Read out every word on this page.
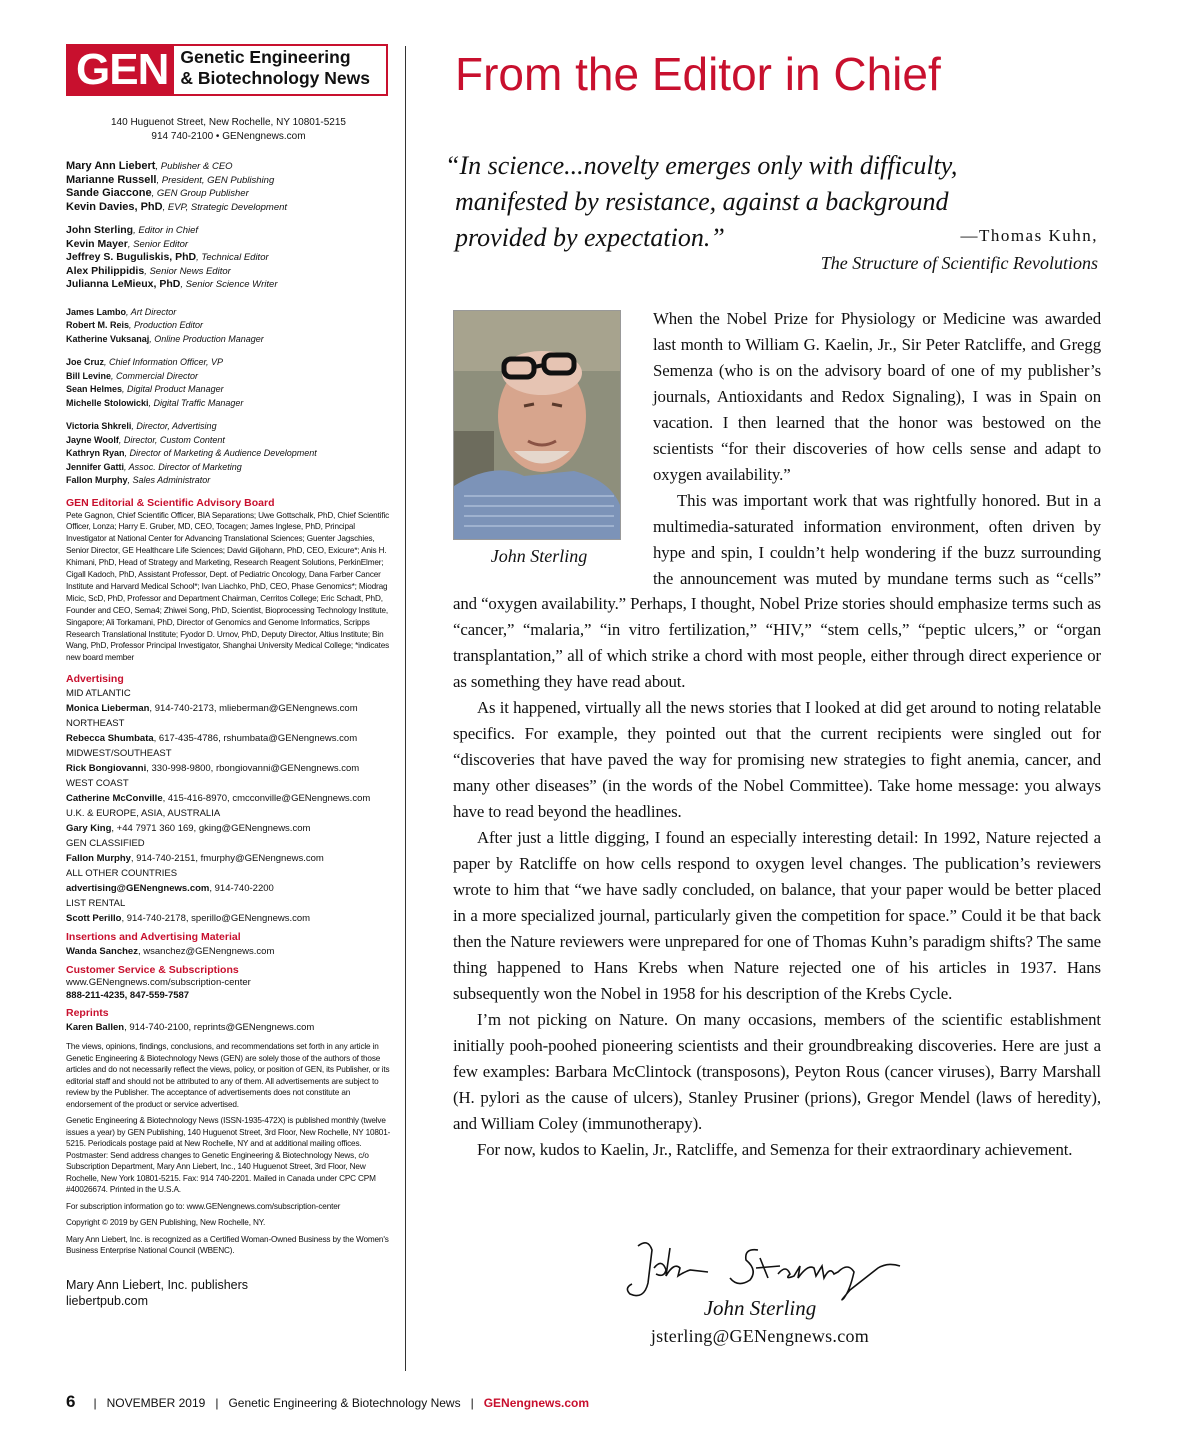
GEN Genetic Engineering
& Biotechnology News
140 Huguenot Street, New Rochelle, NY 10801-5215
914 740-2100 • GENengnews.com
Mary Ann Liebert, Publisher & CEO
Marianne Russell, President, GEN Publishing
Sande Giaccone, GEN Group Publisher
Kevin Davies, PhD, EVP, Strategic Development
John Sterling, Editor in Chief
Kevin Mayer, Senior Editor
Jeffrey S. Buguliskis, PhD, Technical Editor
Alex Philippidis, Senior News Editor
Julianna LeMieux, PhD, Senior Science Writer
James Lambo, Art Director
Robert M. Reis, Production Editor
Katherine Vuksanaj, Online Production Manager
Joe Cruz, Chief Information Officer, VP
Bill Levine, Commercial Director
Sean Helmes, Digital Product Manager
Michelle Stolowicki, Digital Traffic Manager
Victoria Shkreli, Director, Advertising
Jayne Woolf, Director, Custom Content
Kathryn Ryan, Director of Marketing & Audience Development
Jennifer Gatti, Assoc. Director of Marketing
Fallon Murphy, Sales Administrator
GEN Editorial & Scientific Advisory Board
Pete Gagnon, Chief Scientific Officer, BIA Separations; Uwe Gottschalk, PhD, Chief Scientific Officer, Lonza; Harry E. Gruber, MD, CEO, Tocagen; James Inglese, PhD, Principal Investigator at National Center for Advancing Translational Sciences; Guenter Jagschies, Senior Director, GE Healthcare Life Sciences; David Giljohann, PhD, CEO, Exicure*; Anis H. Khimani, PhD, Head of Strategy and Marketing, Research Reagent Solutions, PerkinElmer; Cigall Kadoch, PhD, Assistant Professor, Dept. of Pediatric Oncology, Dana Farber Cancer Institute and Harvard Medical School*; Ivan Liachko, PhD, CEO, Phase Genomics*; Miodrag Micic, ScD, PhD, Professor and Department Chairman, Cerritos College; Eric Schadt, PhD, Founder and CEO, Sema4; Zhiwei Song, PhD, Scientist, Bioprocessing Technology Institute, Singapore; Ali Torkamani, PhD, Director of Genomics and Genome Informatics, Scripps Research Translational Institute; Fyodor D. Urnov, PhD, Deputy Director, Altius Institute; Bin Wang, PhD, Professor Principal Investigator, Shanghai University Medical College; *indicates new board member
Advertising
MID ATLANTIC
Monica Lieberman, 914-740-2173, mlieberman@GENengnews.com
NORTHEAST
Rebecca Shumbata, 617-435-4786, rshumbata@GENengnews.com
MIDWEST/SOUTHEAST
Rick Bongiovanni, 330-998-9800, rbongiovanni@GENengnews.com
WEST COAST
Catherine McConville, 415-416-8970, cmcconville@GENengnews.com
U.K. & EUROPE, ASIA, AUSTRALIA
Gary King, +44 7971 360 169, gking@GENengnews.com
GEN CLASSIFIED
Fallon Murphy, 914-740-2151, fmurphy@GENengnews.com
ALL OTHER COUNTRIES
advertising@GENengnews.com, 914-740-2200
LIST RENTAL
Scott Perillo, 914-740-2178, sperillo@GENengnews.com
Insertions and Advertising Material
Wanda Sanchez, wsanchez@GENengnews.com
Customer Service & Subscriptions
www.GENengnews.com/subscription-center
888-211-4235, 847-559-7587
Reprints
Karen Ballen, 914-740-2100, reprints@GENengnews.com

The views, opinions, findings, conclusions, and recommendations set forth in any article in Genetic Engineering & Biotechnology News (GEN) are solely those of the authors of those articles and do not necessarily reflect the views, policy, or position of GEN, its Publisher, or its editorial staff and should not be attributed to any of them. All advertisements are subject to review by the Publisher. The acceptance of advertisements does not constitute an endorsement of the product or service advertised.

Genetic Engineering & Biotechnology News (ISSN-1935-472X) is published monthly (twelve issues a year) by GEN Publishing, 140 Huguenot Street, 3rd Floor, New Rochelle, NY 10801-5215. Periodicals postage paid at New Rochelle, NY and at additional mailing offices. Postmaster: Send address changes to Genetic Engineering & Biotechnology News, c/o Subscription Department, Mary Ann Liebert, Inc., 140 Huguenot Street, 3rd Floor, New Rochelle, New York 10801-5215. Fax: 914 740-2201. Mailed in Canada under CPC CPM #40026674. Printed in the U.S.A.

For subscription information go to: www.GENengnews.com/subscription-center

Copyright © 2019 by GEN Publishing, New Rochelle, NY.

Mary Ann Liebert, Inc. is recognized as a Certified Woman-Owned Business by the Women's Business Enterprise National Council (WBENC).

Mary Ann Liebert, Inc. publishers
liebertpub.com
From the Editor in Chief
“In science...novelty emerges only with difficulty,
manifested by resistance, against a background
provided by expectation.”	—Thomas Kuhn,
The Structure of Scientific Revolutions
John Sterling

When the Nobel Prize for Physiology or Medicine was awarded last month to William G. Kaelin, Jr., Sir Peter Ratcliffe, and Gregg Semenza (who is on the advisory board of one of my publisher’s journals, Antioxidants and Redox Signaling), I was in Spain on vacation. I then learned that the honor was bestowed on the scientists “for their discoveries of how cells sense and adapt to oxygen availability.”

This was important work that was rightfully honored. But in a multimedia-saturated information environment, often driven by hype and spin, I couldn’t help wondering if the buzz surrounding the announcement was muted by mundane terms such as “cells” and “oxygen availability.” Perhaps, I thought, Nobel Prize stories should emphasize terms such as “cancer,” “malaria,” “in vitro fertilization,” “HIV,” “stem cells,” “peptic ulcers,” or “organ transplantation,” all of which strike a chord with most people, either through direct experience or as something they have read about.

As it happened, virtually all the news stories that I looked at did get around to noting relatable specifics. For example, they pointed out that the current recipients were singled out for “discoveries that have paved the way for promising new strategies to fight anemia, cancer, and many other diseases” (in the words of the Nobel Committee). Take home message: you always have to read beyond the headlines.

After just a little digging, I found an especially interesting detail: In 1992, Nature rejected a paper by Ratcliffe on how cells respond to oxygen level changes. The publication’s reviewers wrote to him that “we have sadly concluded, on balance, that your paper would be better placed in a more specialized journal, particularly given the competition for space.” Could it be that back then the Nature reviewers were unprepared for one of Thomas Kuhn’s paradigm shifts? The same thing happened to Hans Krebs when Nature rejected one of his articles in 1937. Hans subsequently won the Nobel in 1958 for his description of the Krebs Cycle.

I’m not picking on Nature. On many occasions, members of the scientific establishment initially pooh-poohed pioneering scientists and their groundbreaking discoveries. Here are just a few examples: Barbara McClintock (transposons), Peyton Rous (cancer viruses), Barry Marshall (H. pylori as the cause of ulcers), Stanley Prusiner (prions), Gregor Mendel (laws of heredity), and William Coley (immunotherapy).

For now, kudos to Kaelin, Jr., Ratcliffe, and Semenza for their extraordinary achievement.

John Sterling
jsterling@GENengnews.com
6 | NOVEMBER 2019 | Genetic Engineering & Biotechnology News | GENengnews.com
